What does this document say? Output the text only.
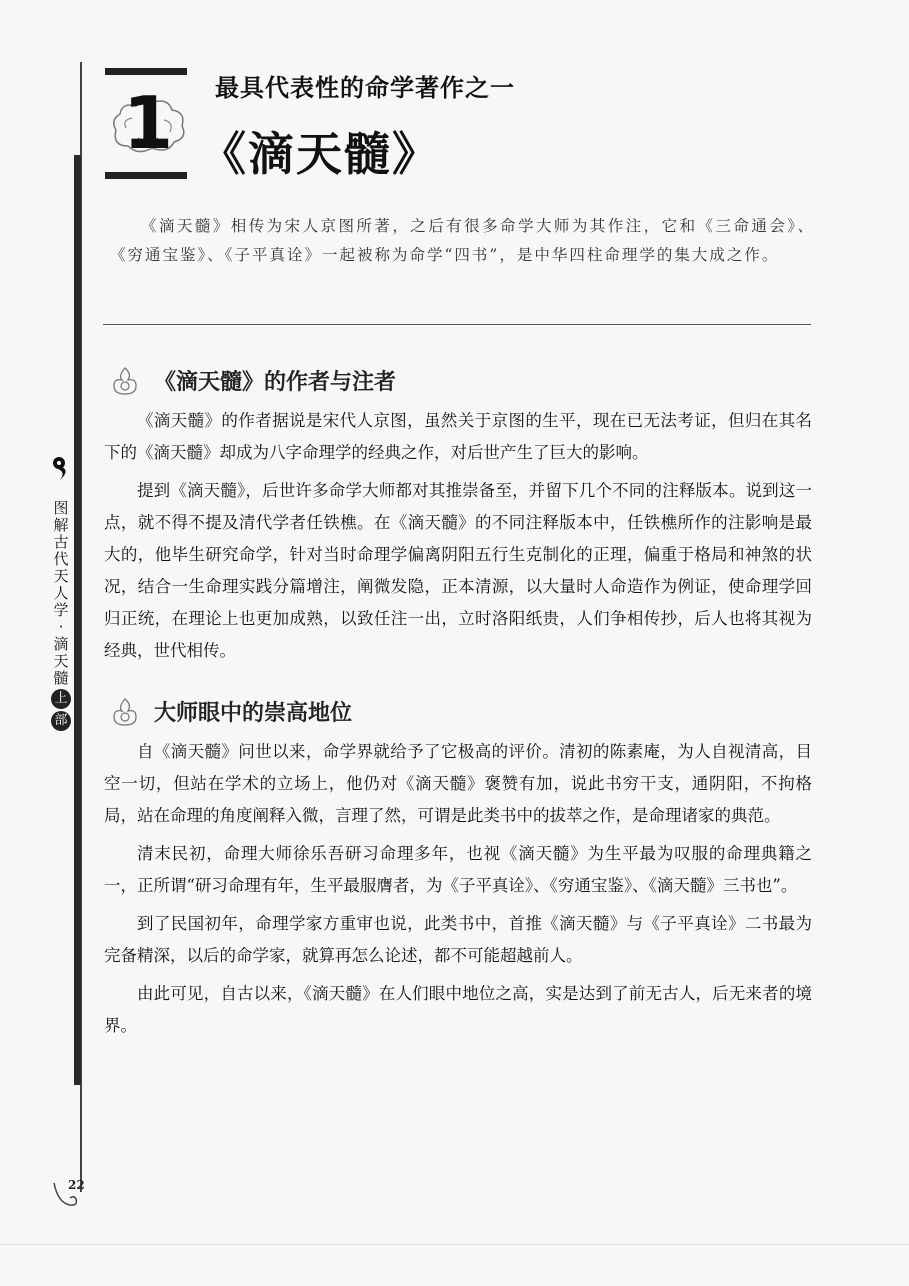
图
解
古
代
天
人
学
·
滴
天
髓
上
部
1 最具代表性的命学著作之一
《滴天髓》
《滴天髓》相传为宋人京图所著，之后有很多命学大师为其作注，它和《三命通会》、《穷通宝鉴》、《子平真诠》一起被称为命学“四书”，是中华四柱命理学的集大成之作。
《滴天髓》的作者与注者

《滴天髓》的作者据说是宋代人京图，虽然关于京图的生平，现在已无法考证，但归在其名下的《滴天髓》却成为八字命理学的经典之作，对后世产生了巨大的影响。

提到《滴天髓》，后世许多命学大师都对其推崇备至，并留下几个不同的注释版本。说到这一点，就不得不提及清代学者任铁樵。在《滴天髓》的不同注释版本中，任铁樵所作的注影响是最大的，他毕生研究命学，针对当时命理学偏离阴阳五行生克制化的正理，偏重于格局和神煞的状况，结合一生命理实践分篇增注，阐微发隐，正本清源，以大量时人命造作为例证，使命理学回归正统，在理论上也更加成熟，以致任注一出，立时洛阳纸贵，人们争相传抄，后人也将其视为经典，世代相传。

大师眼中的崇高地位

自《滴天髓》问世以来，命学界就给予了它极高的评价。清初的陈素庵，为人自视清高，目空一切，但站在学术的立场上，他仍对《滴天髓》褒赞有加，说此书穷干支，通阴阳，不拘格局，站在命理的角度阐释入微，言理了然，可谓是此类书中的拔萃之作，是命理诸家的典范。

清末民初，命理大师徐乐吾研习命理多年，也视《滴天髓》为生平最为叹服的命理典籍之一，正所谓“研习命理有年，生平最服膺者，为《子平真诠》、《穷通宝鉴》、《滴天髓》三书也”。

到了民国初年，命理学家方重审也说，此类书中，首推《滴天髓》与《子平真诠》二书最为完备精深，以后的命学家，就算再怎么论述，都不可能超越前人。

由此可见，自古以来，《滴天髓》在人们眼中地位之高，实是达到了前无古人，后无来者的境界。

22
